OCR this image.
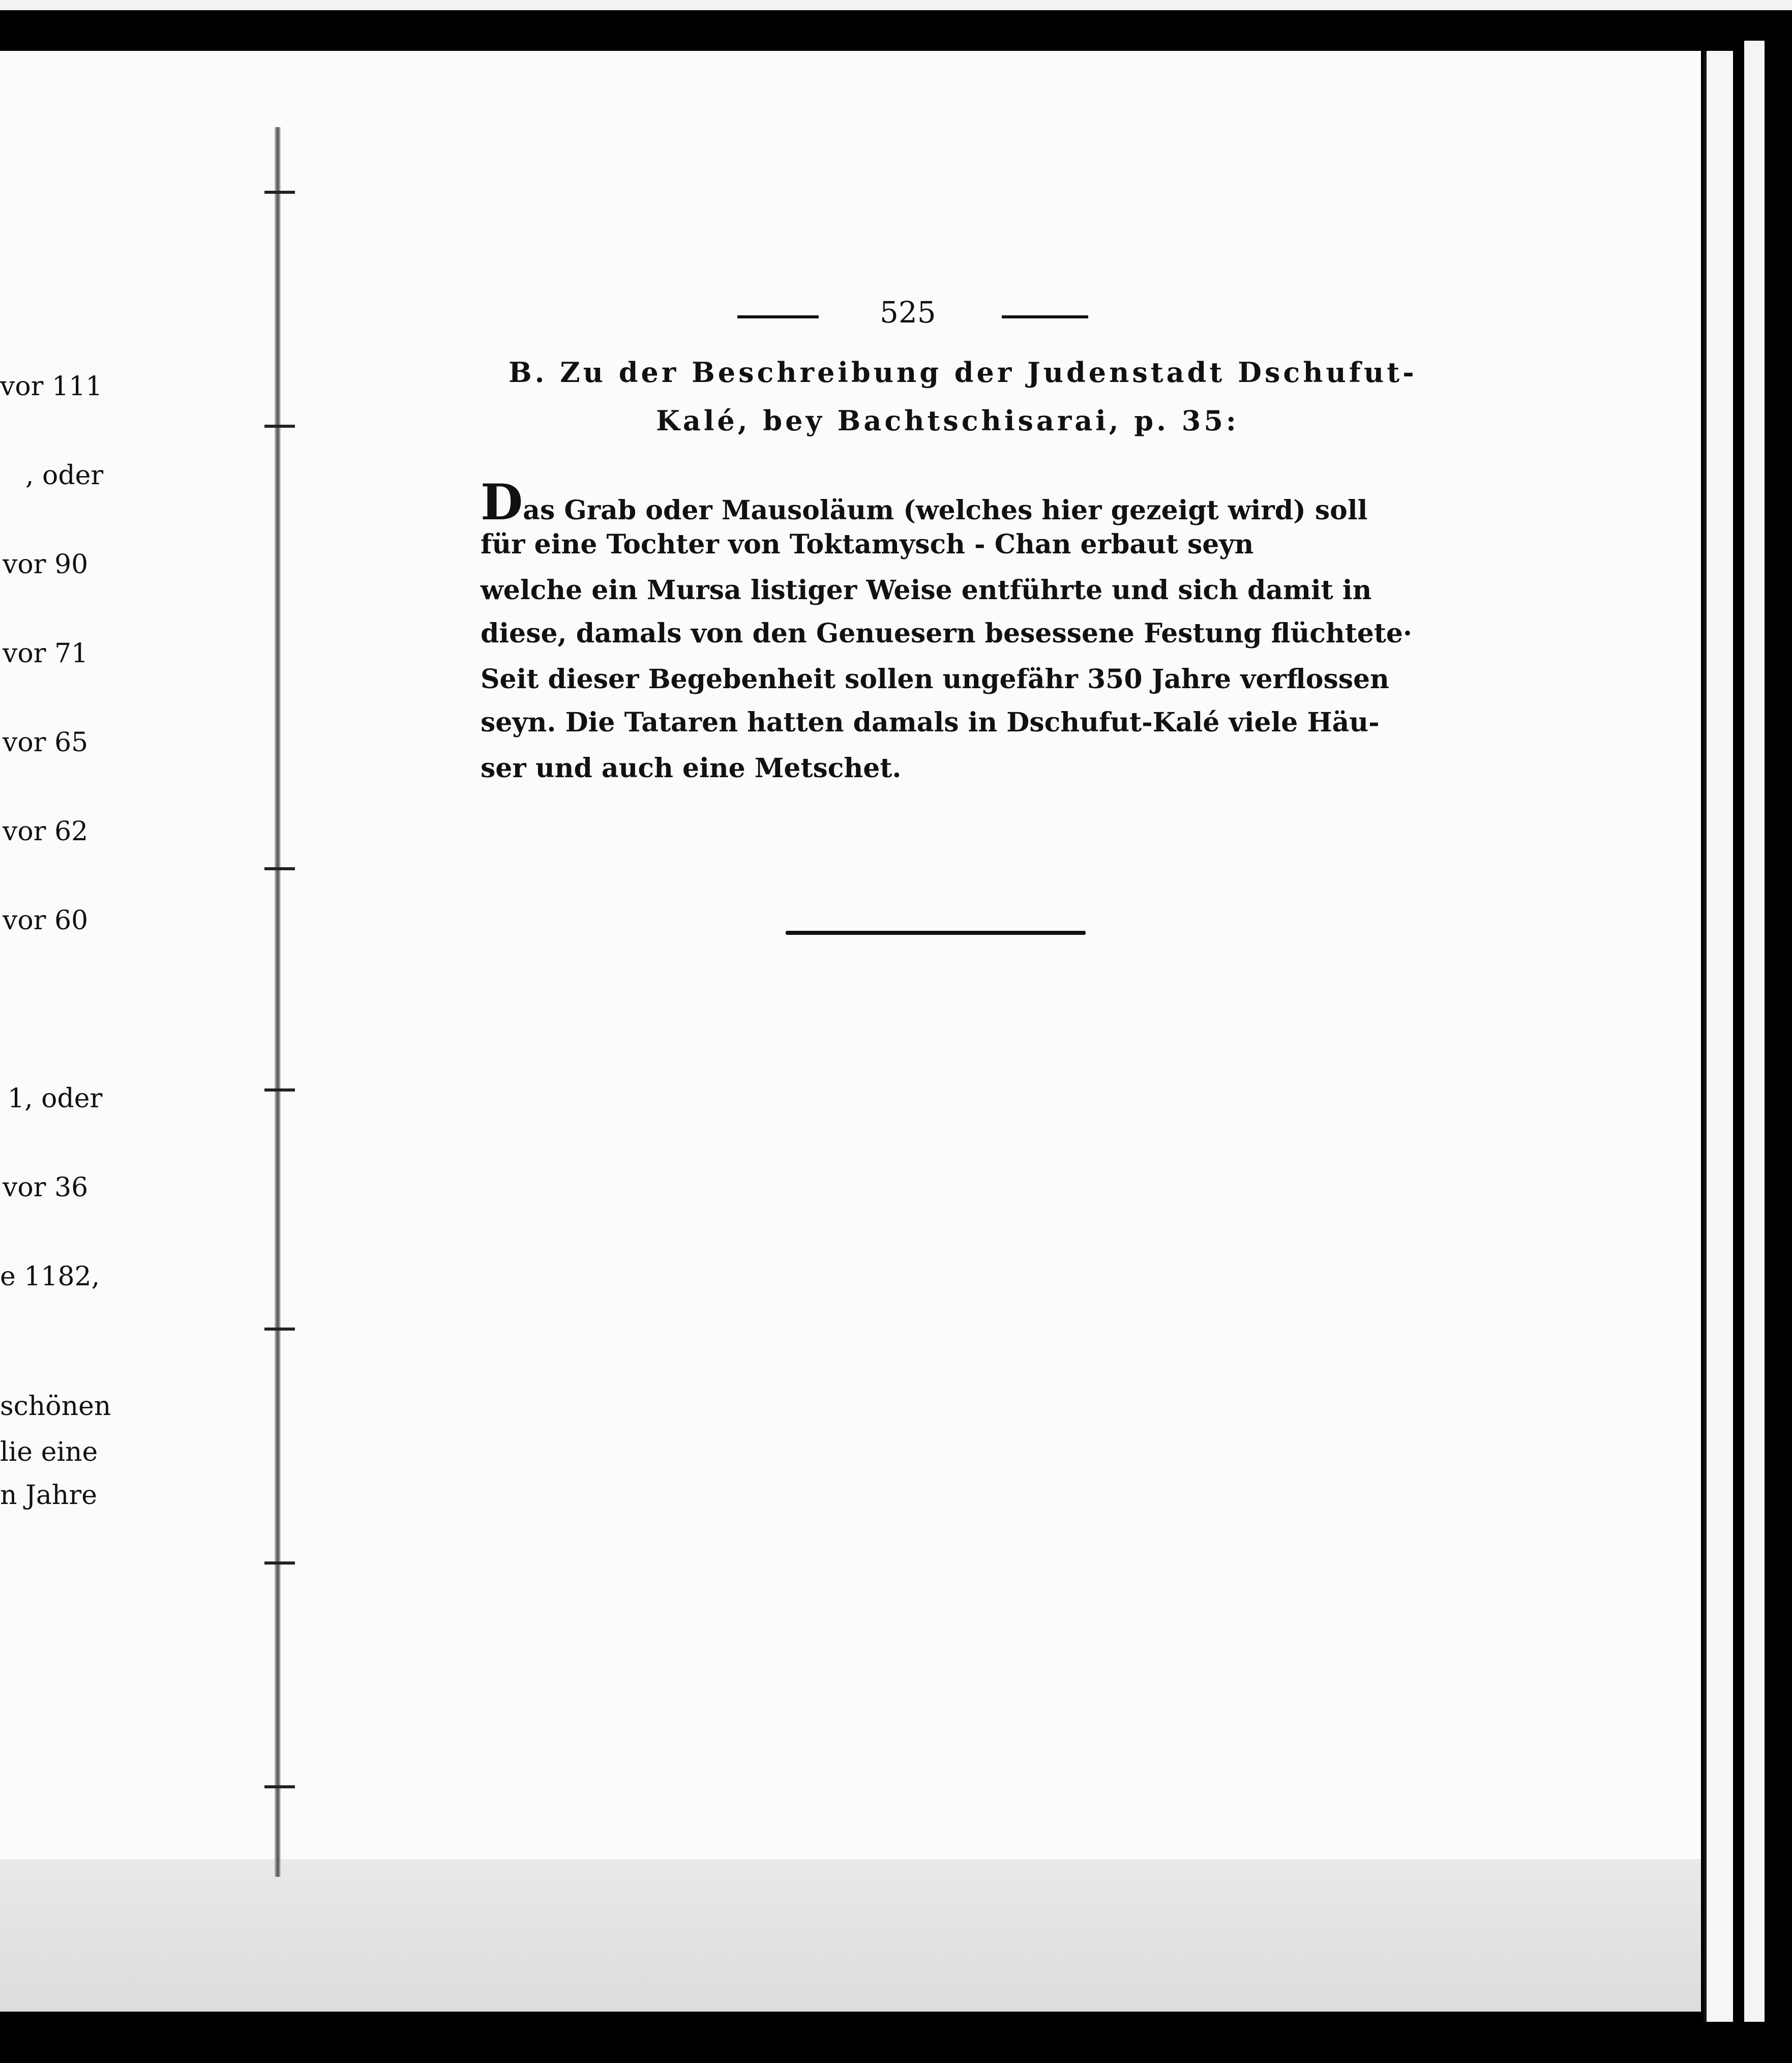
vor 111
, oder
vor 90
vor 71
vor 65
vor 62
vor 60
1, oder
vor 36
e 1182,
schönen
lie eine
n Jahre
525
B. Zu der Beschreibung der Judenstadt Dschufut-
Kalé, bey Bachtschisarai, p. 35:
Das Grab oder Mausoläum (welches hier gezeigt wird) soll
für eine Tochter von Toktamysch - Chan erbaut seyn
welche ein Mursa listiger Weise entführte und sich damit in
diese, damals von den Genuesern besessene Festung flüchtete·
Seit dieser Begebenheit sollen ungefähr 350 Jahre verflossen
seyn. Die Tataren hatten damals in Dschufut-Kalé viele Häu-
ser und auch eine Metschet.
